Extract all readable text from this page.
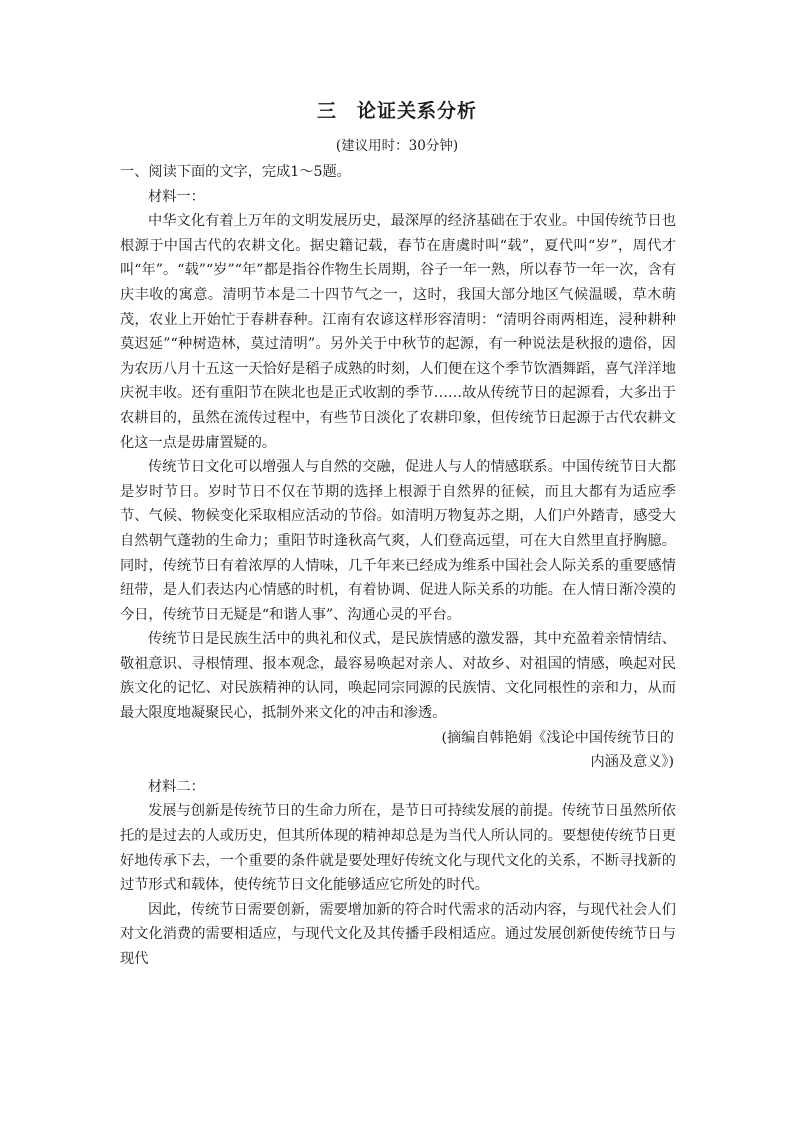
三　论证关系分析
(建议用时：30分钟)

一、阅读下面的文字，完成1～5题。

材料一：

中华文化有着上万年的文明发展历史，最深厚的经济基础在于农业。中国传统节日也根源于中国古代的农耕文化。据史籍记载，春节在唐虞时叫“载”，夏代叫“岁”，周代才叫“年”。“载”“岁”“年”都是指谷作物生长周期，谷子一年一熟，所以春节一年一次，含有庆丰收的寓意。清明节本是二十四节气之一，这时，我国大部分地区气候温暖，草木萌茂，农业上开始忙于春耕春种。江南有农谚这样形容清明：“清明谷雨两相连，浸种耕种莫迟延”“种树造林，莫过清明”。另外关于中秋节的起源，有一种说法是秋报的遗俗，因为农历八月十五这一天恰好是稻子成熟的时刻，人们便在这个季节饮酒舞蹈，喜气洋洋地庆祝丰收。还有重阳节在陕北也是正式收割的季节……故从传统节日的起源看，大多出于农耕目的，虽然在流传过程中，有些节日淡化了农耕印象，但传统节日起源于古代农耕文化这一点是毋庸置疑的。

传统节日文化可以增强人与自然的交融，促进人与人的情感联系。中国传统节日大都是岁时节日。岁时节日不仅在节期的选择上根源于自然界的征候，而且大都有为适应季节、气候、物候变化采取相应活动的节俗。如清明万物复苏之期，人们户外踏青，感受大自然朝气蓬勃的生命力；重阳节时逢秋高气爽，人们登高远望，可在大自然里直抒胸臆。同时，传统节日有着浓厚的人情味，几千年来已经成为维系中国社会人际关系的重要感情纽带，是人们表达内心情感的时机，有着协调、促进人际关系的功能。在人情日渐冷漠的今日，传统节日无疑是“和谐人事”、沟通心灵的平台。

传统节日是民族生活中的典礼和仪式，是民族情感的激发器，其中充盈着亲情情结、敬祖意识、寻根情理、报本观念，最容易唤起对亲人、对故乡、对祖国的情感，唤起对民族文化的记忆、对民族精神的认同，唤起同宗同源的民族情、文化同根性的亲和力，从而最大限度地凝聚民心，抵制外来文化的冲击和渗透。

(摘编自韩艳娟《浅论中国传统节日的

内涵及意义》)

材料二：

发展与创新是传统节日的生命力所在，是节日可持续发展的前提。传统节日虽然所依托的是过去的人或历史，但其所体现的精神却总是为当代人所认同的。要想使传统节日更好地传承下去，一个重要的条件就是要处理好传统文化与现代文化的关系，不断寻找新的过节形式和载体，使传统节日文化能够适应它所处的时代。

因此，传统节日需要创新，需要增加新的符合时代需求的活动内容，与现代社会人们对文化消费的需要相适应，与现代文化及其传播手段相适应。通过发展创新使传统节日与现代
